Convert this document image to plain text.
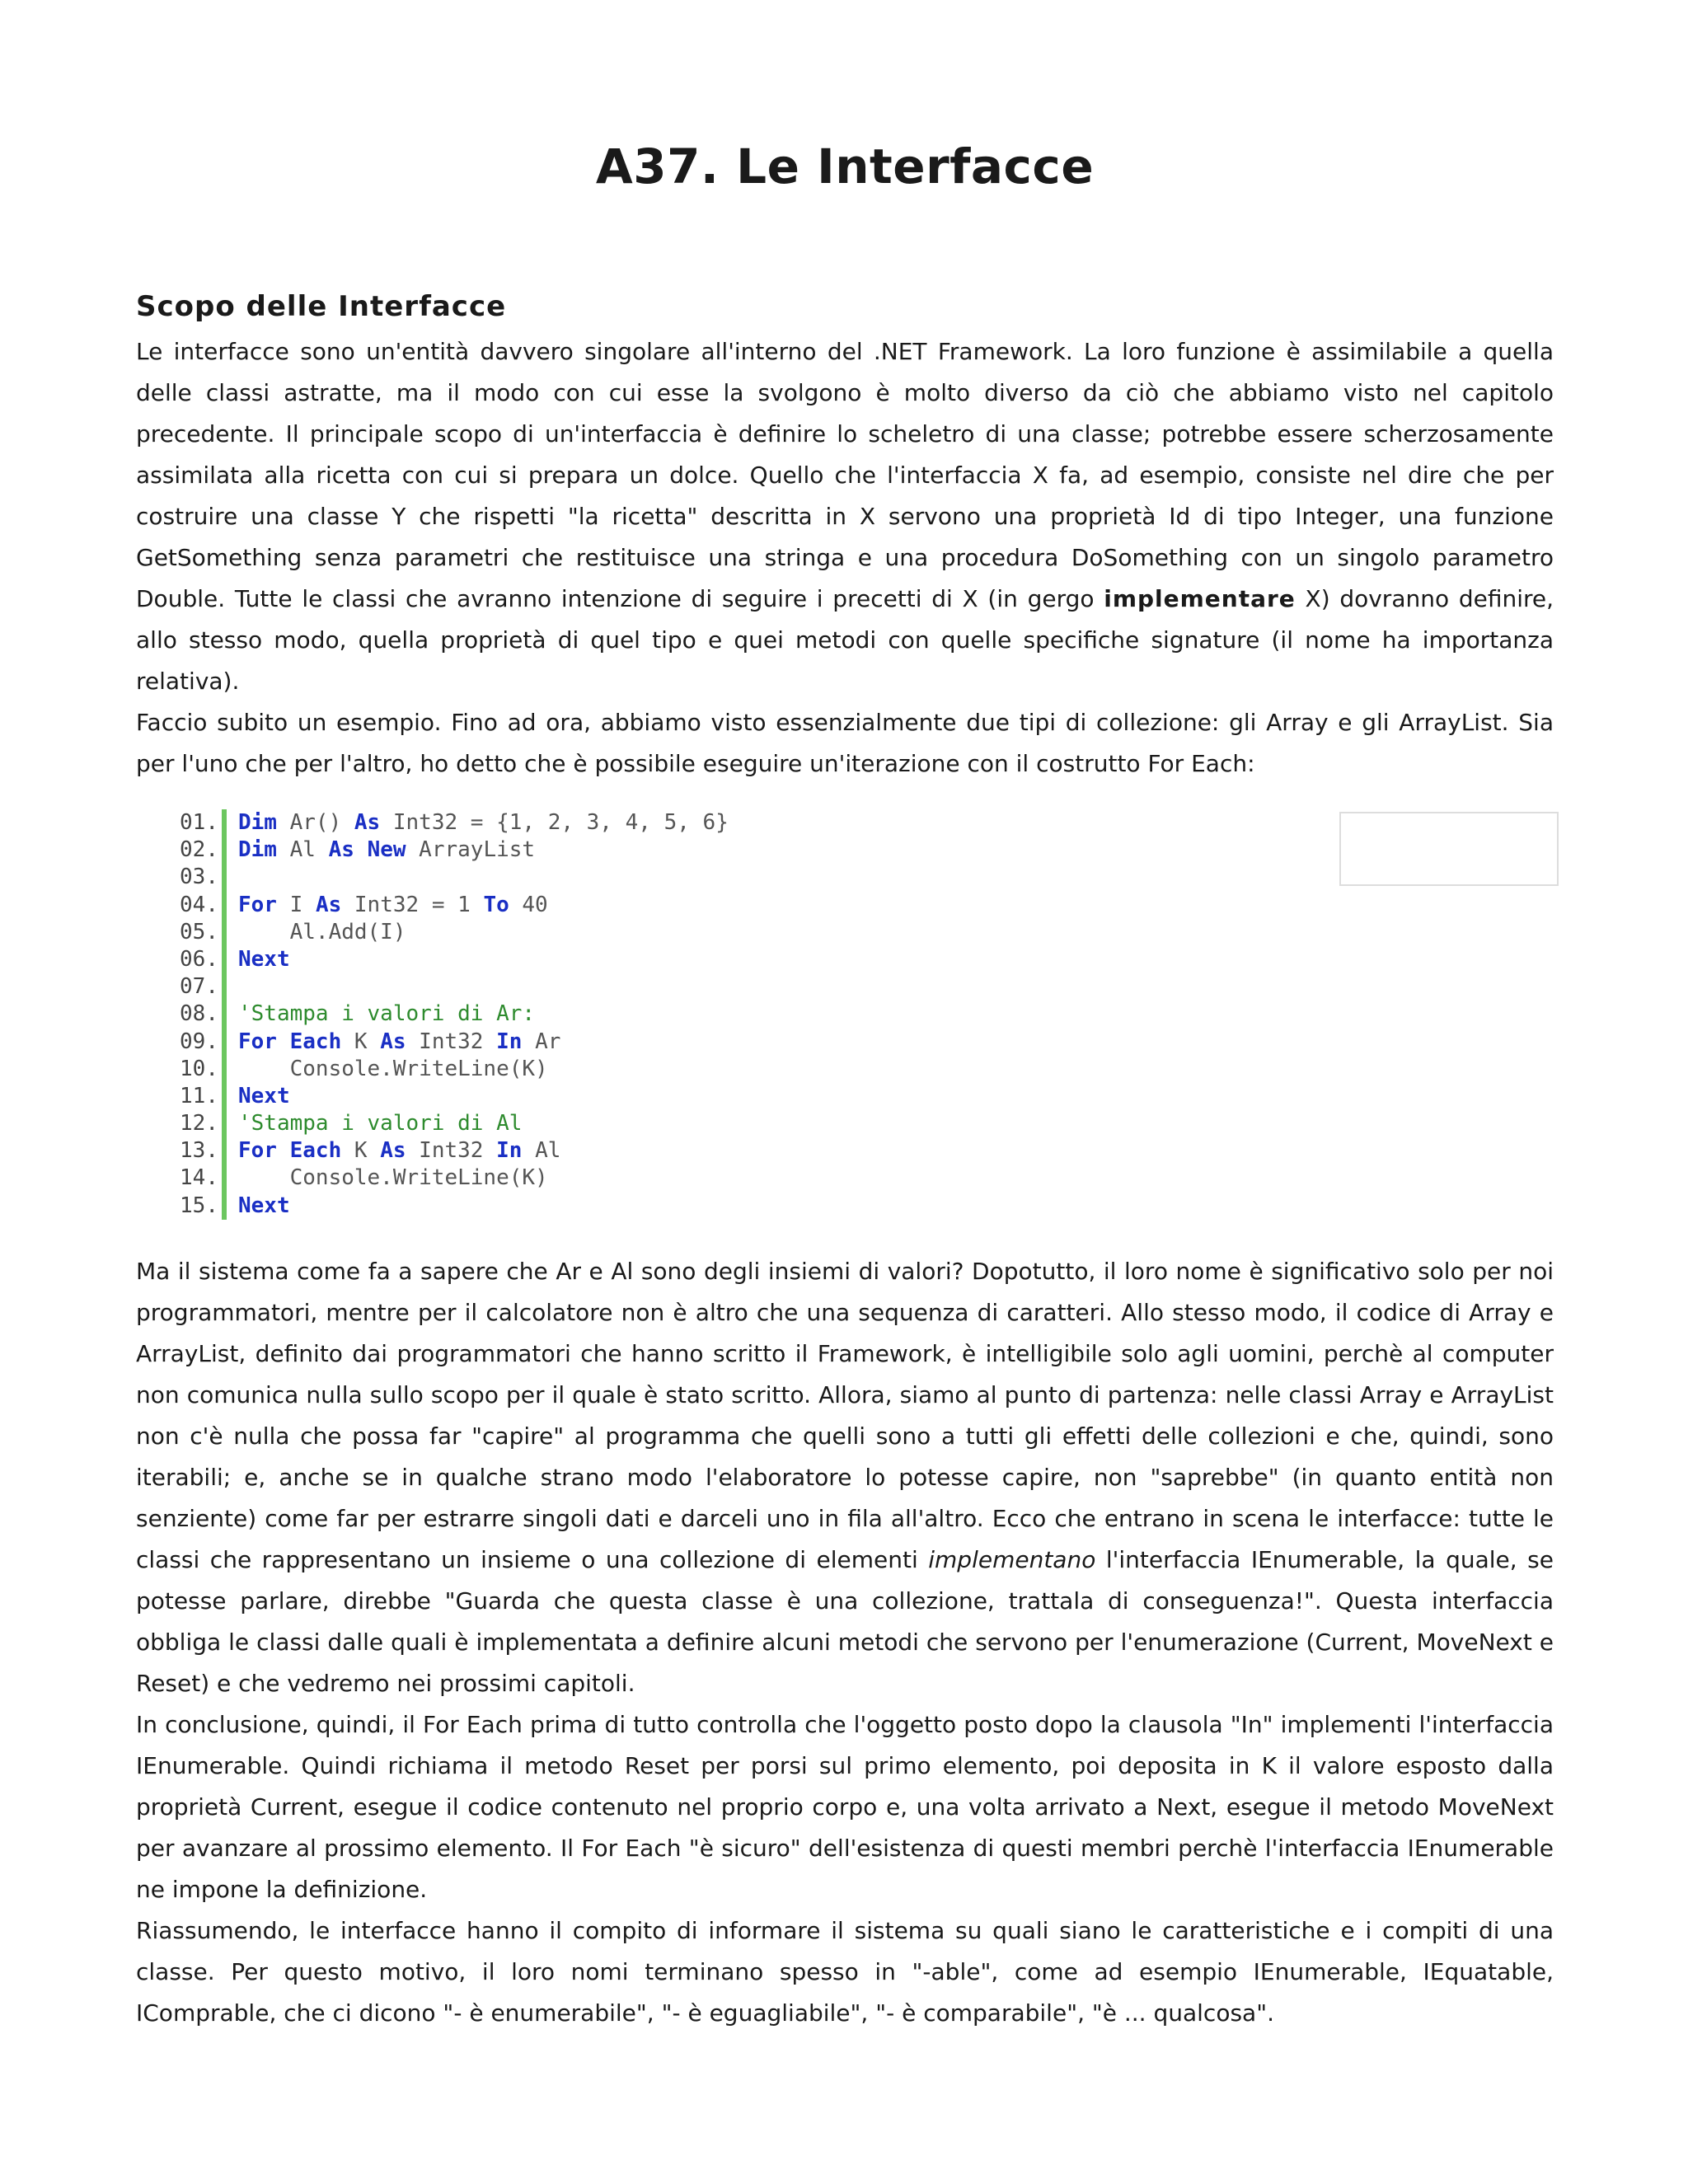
A37. Le Interfacce
Scopo delle Interfacce

Le interfacce sono un'entità davvero singolare all'interno del .NET Framework. La loro funzione è assimilabile a quella delle classi astratte, ma il modo con cui esse la svolgono è molto diverso da ciò che abbiamo visto nel capitolo precedente. Il principale scopo di un'interfaccia è definire lo scheletro di una classe; potrebbe essere scherzosamente assimilata alla ricetta con cui si prepara un dolce. Quello che l'interfaccia X fa, ad esempio, consiste nel dire che per costruire una classe Y che rispetti "la ricetta" descritta in X servono una proprietà Id di tipo Integer, una funzione GetSomething senza parametri che restituisce una stringa e una procedura DoSomething con un singolo parametro Double. Tutte le classi che avranno intenzione di seguire i precetti di X (in gergo implementare X) dovranno definire, allo stesso modo, quella proprietà di quel tipo e quei metodi con quelle specifiche signature (il nome ha importanza relativa).

Faccio subito un esempio. Fino ad ora, abbiamo visto essenzialmente due tipi di collezione: gli Array e gli ArrayList. Sia per l'uno che per l'altro, ho detto che è possibile eseguire un'iterazione con il costrutto For Each:

01. Dim Ar() As Int32 = {1, 2, 3, 4, 5, 6}
02. Dim Al As New ArrayList
03.
04. For I As Int32 = 1 To 40
05. Al.Add(I)
06. Next
07.
08. 'Stampa i valori di Ar:
09. For Each K As Int32 In Ar
10. Console.WriteLine(K)
11. Next
12. 'Stampa i valori di Al
13. For Each K As Int32 In Al
14. Console.WriteLine(K)
15. Next

Ma il sistema come fa a sapere che Ar e Al sono degli insiemi di valori? Dopotutto, il loro nome è significativo solo per noi programmatori, mentre per il calcolatore non è altro che una sequenza di caratteri. Allo stesso modo, il codice di Array e ArrayList, definito dai programmatori che hanno scritto il Framework, è intelligibile solo agli uomini, perchè al computer non comunica nulla sullo scopo per il quale è stato scritto. Allora, siamo al punto di partenza: nelle classi Array e ArrayList non c'è nulla che possa far "capire" al programma che quelli sono a tutti gli effetti delle collezioni e che, quindi, sono iterabili; e, anche se in qualche strano modo l'elaboratore lo potesse capire, non "saprebbe" (in quanto entità non senziente) come far per estrarre singoli dati e darceli uno in fila all'altro. Ecco che entrano in scena le interfacce: tutte le classi che rappresentano un insieme o una collezione di elementi implementano l'interfaccia IEnumerable, la quale, se potesse parlare, direbbe "Guarda che questa classe è una collezione, trattala di conseguenza!". Questa interfaccia obbliga le classi dalle quali è implementata a definire alcuni metodi che servono per l'enumerazione (Current, MoveNext e Reset) e che vedremo nei prossimi capitoli.

In conclusione, quindi, il For Each prima di tutto controlla che l'oggetto posto dopo la clausola "In" implementi l'interfaccia IEnumerable. Quindi richiama il metodo Reset per porsi sul primo elemento, poi deposita in K il valore esposto dalla proprietà Current, esegue il codice contenuto nel proprio corpo e, una volta arrivato a Next, esegue il metodo MoveNext per avanzare al prossimo elemento. Il For Each "è sicuro" dell'esistenza di questi membri perchè l'interfaccia IEnumerable ne impone la definizione.

Riassumendo, le interfacce hanno il compito di informare il sistema su quali siano le caratteristiche e i compiti di una classe. Per questo motivo, il loro nomi terminano spesso in "-able", come ad esempio IEnumerable, IEquatable, IComprable, che ci dicono "- è enumerabile", "- è eguagliabile", "- è comparabile", "è ... qualcosa".
